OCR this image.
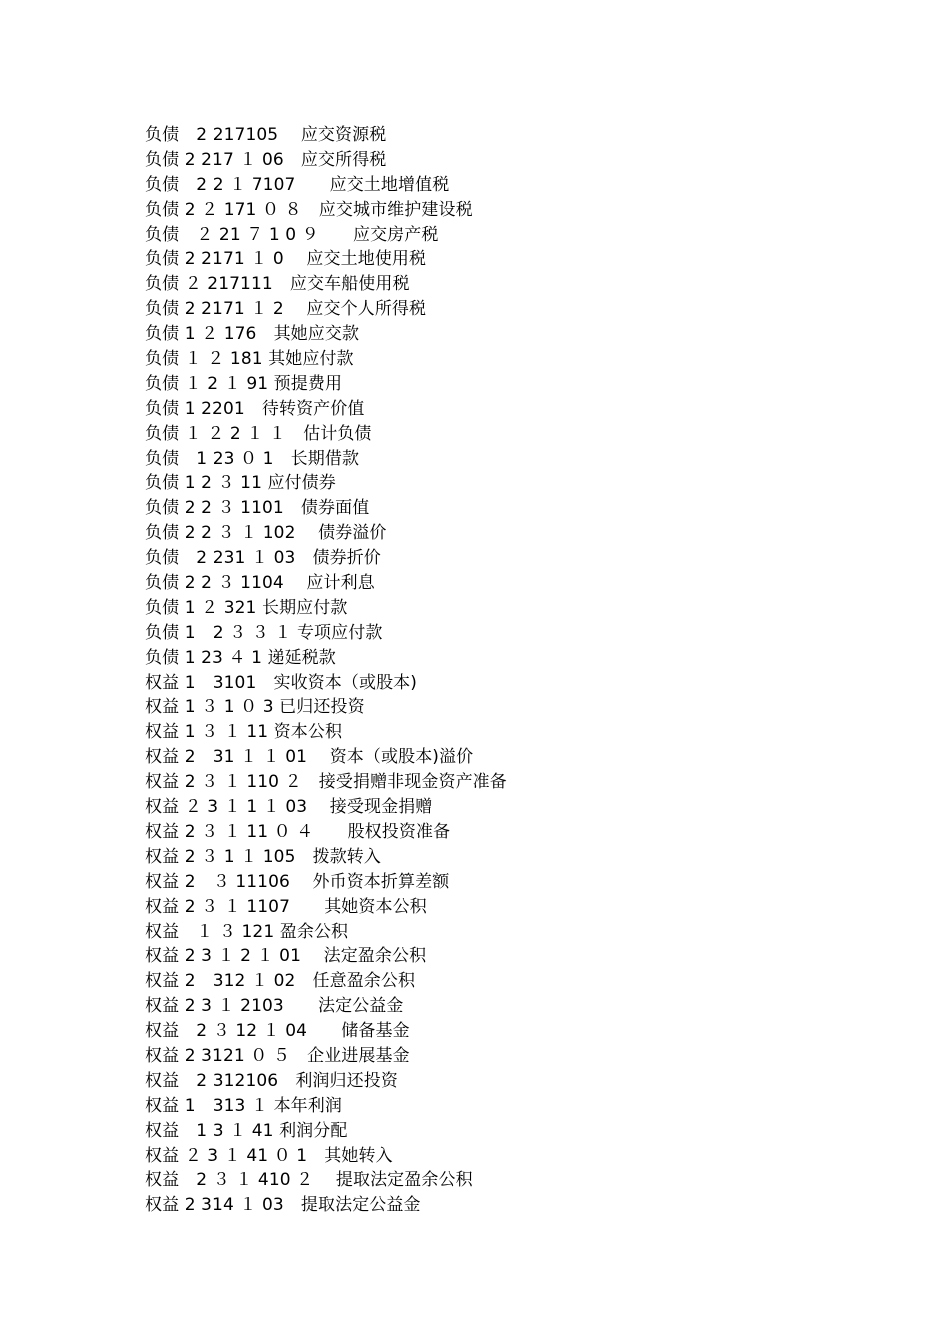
负债　2 217105　 应交资源税
负债 2 217 １ 06　应交所得税
负债　2 2 １ 7107　　应交土地增值税
负债 2 ２ 171 ０ ８　应交城市维护建设税
负债　２ 21 ７ 1 0 ９　　应交房产税
负债 2 2171 １ 0　 应交土地使用税
负债 ２ 217111　应交车船使用税
负债 2 2171 １ 2　 应交个人所得税
负债 1 ２ 176　其她应交款
负债 １ ２ 181 其她应付款
负债 １ 2 １ 91 预提费用
负债 1 2201　待转资产价值
负债 １ ２ 2 １ １　估计负债
负债　1 23 ０ 1　长期借款
负债 1 2 ３ 11 应付债券
负债 2 2 ３ 1101　债券面值
负债 2 2 ３ １ 102　 债券溢价
负债　2 231 １ 03　债券折价
负债 2 2 ３ 1104　 应计利息
负债 1 ２ 321 长期应付款
负债 1　2 ３ ３ １ 专项应付款
负债 1 23 ４ 1 递延税款
权益 1　3101　实收资本（或股本)
权益 1 ３ 1 ０ 3 已归还投资
权益 1 ３ １ 11 资本公积
权益 2　31 １ １ 01　 资本（或股本)溢价
权益 2 ３ １ 110 ２　接受捐赠非现金资产准备
权益 ２ 3 １ 1 １ 03　 接受现金捐赠
权益 2 ３ １ 11 ０ ４　　股权投资准备
权益 2 ３ 1 １ 105　拨款转入
权益 2　３ 11106　 外币资本折算差额
权益 2 ３ １ 1107　　其她资本公积
权益　１ ３ 121 盈余公积
权益 2 3 １ 2 １ 01　 法定盈余公积
权益 2　312 １ 02　任意盈余公积
权益 2 3 １ 2103　　法定公益金
权益　2 ３ 12 １ 04　　储备基金
权益 2 3121 ０ ５　企业进展基金
权益　2 312106　利润归还投资
权益 1　313 １ 本年利润
权益　1 3 １ 41 利润分配
权益 ２ 3 １ 41 ０ 1　其她转入
权益　2 ３ １ 410 ２　 提取法定盈余公积
权益 2 314 １ 03　提取法定公益金
